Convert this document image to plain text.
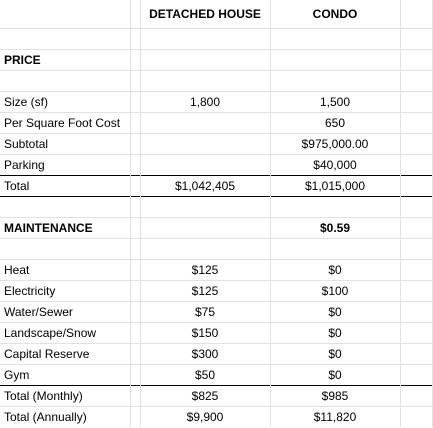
		DETACHED HOUSE	CONDO	

PRICE				

Size (sf)		1,800	1,500	
Per Square Foot Cost			650	
Subtotal			$975,000.00	
Parking			$40,000	
Total		$1,042,405	$1,015,000	

MAINTENANCE			$0.59	

Heat		$125	$0	
Electricity		$125	$100	
Water/Sewer		$75	$0	
Landscape/Snow		$150	$0	
Capital Reserve		$300	$0	
Gym		$50	$0	
Total (Monthly)		$825	$985	
Total (Annually)		$9,900	$11,820	
